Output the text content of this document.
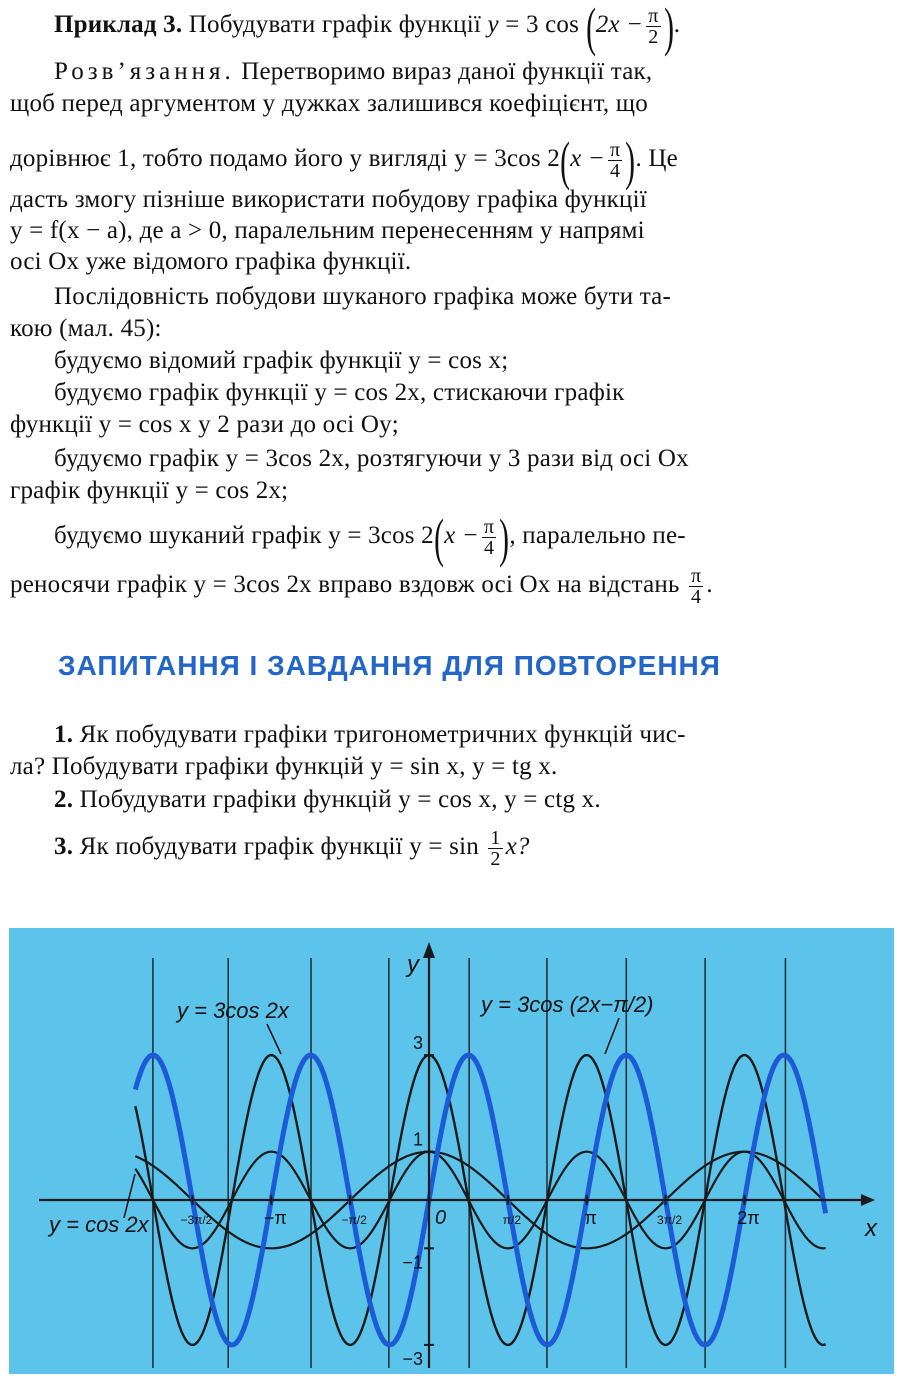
Приклад 3. Побудувати графік функції y = 3 $\cos (2x - \frac{\pi}{2}$ ).
Розв’язання. Перетворимо вираз даної функції так,
щоб перед аргументом у дужках залишився коефіцієнт, що
дорівнює 1, тобто подамо його у вигляді y = 3cos $2(x - \frac{\pi}{4}$ ). Це
дасть змогу пізніше використати побудову графіка функції
y = f(x − a), де a > 0, паралельним перенесенням у напрямі
осі Ox уже відомого графіка функції.
Послідовність побудови шуканого графіка може бути та-
кою (мал. 45):
будуємо відомий графік функції y = cos x;
будуємо графік функції y = cos 2x, стискаючи графік
функції y = cos x у 2 рази до осі Oy;
будуємо графік y = 3cos 2x, розтягуючи у 3 рази від осі Ox
графік функції y = cos 2x;
будуємо шуканий графік y = 3cos $2(x - \frac{\pi}{4}$ ), паралельно пе-
реносячи графік y = 3cos 2x вправо вздовж осі Ox на відстань $\frac{\pi}{4}$ .
ЗАПИТАННЯ І ЗАВДАННЯ ДЛЯ ПОВТОРЕННЯ
1. Як побудувати графіки тригонометричних функцій чис-
ла? Побудувати графіки функцій y = sin x, y = tg x.
2. Побудувати графіки функцій y = cos x, y = ctg x.
3. Як побудувати графік функції $y = \sin \frac{1}{2} x$?
3
1
−1
−3
−3π/2	−π	−π/2	π/2	π	3π/2	2π
y
x
0
y = 3cos 2x	y = 3cos (2x−π/2)
y = cos 2x
